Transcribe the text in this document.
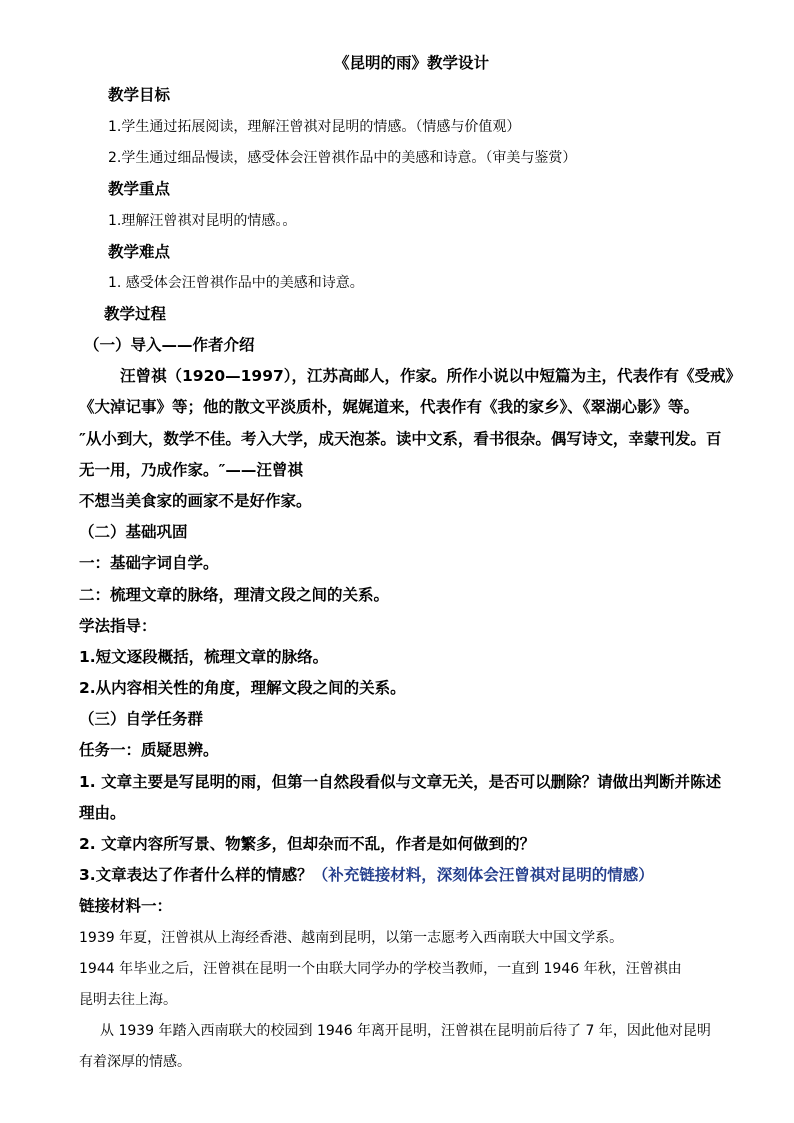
《昆明的雨》教学设计
教学目标
1.学生通过拓展阅读，理解汪曾祺对昆明的情感。（情感与价值观）
2.学生通过细品慢读，感受体会汪曾祺作品中的美感和诗意。（审美与鉴赏）
教学重点
1.理解汪曾祺对昆明的情感。。
教学难点
1. 感受体会汪曾祺作品中的美感和诗意。
教学过程
（一）导入——作者介绍
汪曾祺（1920—1997），江苏高邮人，作家。所作小说以中短篇为主，代表作有《受戒》
《大淖记事》等；他的散文平淡质朴，娓娓道来，代表作有《我的家乡》、《翠湖心影》等。
″从小到大，数学不佳。考入大学，成天泡茶。读中文系，看书很杂。偶写诗文，幸蒙刊发。百
无一用，乃成作家。″——汪曾祺
不想当美食家的画家不是好作家。
（二）基础巩固
一：基础字词自学。
二：梳理文章的脉络，理清文段之间的关系。
学法指导：
1.短文逐段概括，梳理文章的脉络。
2.从内容相关性的角度，理解文段之间的关系。
（三）自学任务群
任务一：质疑思辨。
1. 文章主要是写昆明的雨，但第一自然段看似与文章无关，是否可以删除？请做出判断并陈述
理由。
2. 文章内容所写景、物繁多，但却杂而不乱，作者是如何做到的？
3.文章表达了作者什么样的情感？（补充链接材料，深刻体会汪曾祺对昆明的情感）
链接材料一：
1939 年夏，汪曾祺从上海经香港、越南到昆明，以第一志愿考入西南联大中国文学系。
1944 年毕业之后，汪曾祺在昆明一个由联大同学办的学校当教师，一直到 1946 年秋，汪曾祺由
昆明去往上海。
从 1939 年踏入西南联大的校园到 1946 年离开昆明，汪曾祺在昆明前后待了 7 年，因此他对昆明
有着深厚的情感。
